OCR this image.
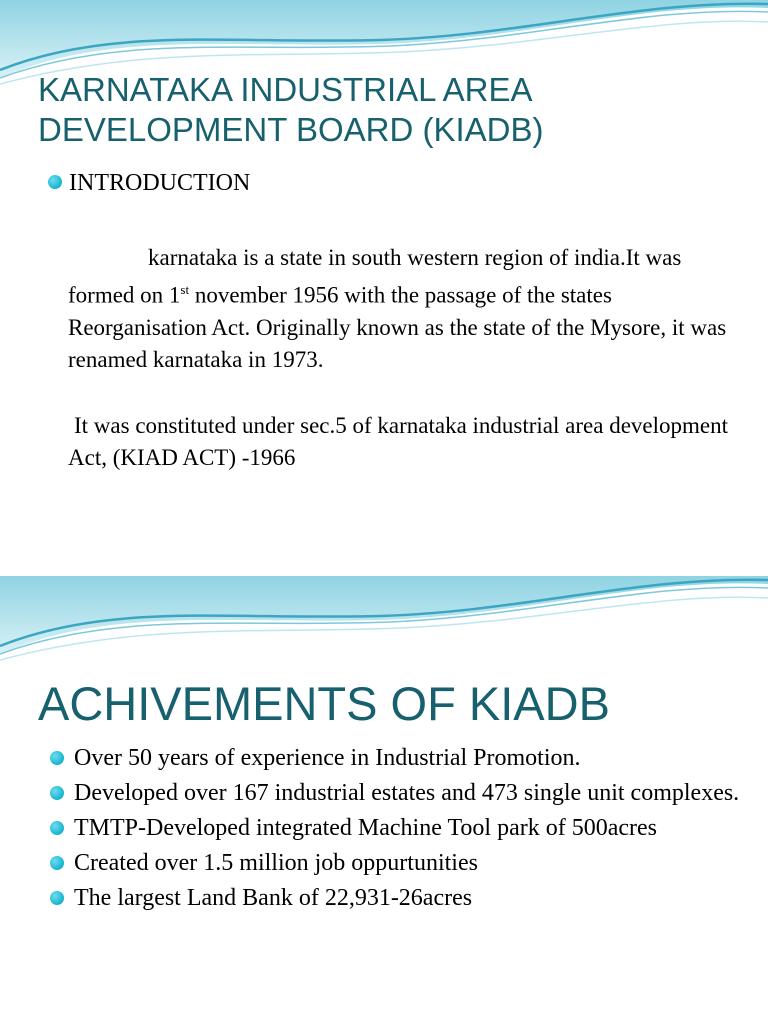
KARNATAKA INDUSTRIAL AREA
DEVELOPMENT BOARD (KIADB)
INTRODUCTION
karnataka is a state in south western region of india.It was formed on 1st november 1956 with the passage of the states Reorganisation Act. Originally known as the state of the Mysore, it was renamed karnataka in 1973.
It was constituted under sec.5 of karnataka industrial area development Act, (KIAD ACT) -1966
ACHIVEMENTS OF KIADB
Over 50 years of experience in Industrial Promotion.
Developed over 167 industrial estates and 473 single unit complexes.
TMTP-Developed integrated Machine Tool park of 500acres
Created over 1.5 million job oppurtunities
The largest Land Bank of 22,931-26acres
